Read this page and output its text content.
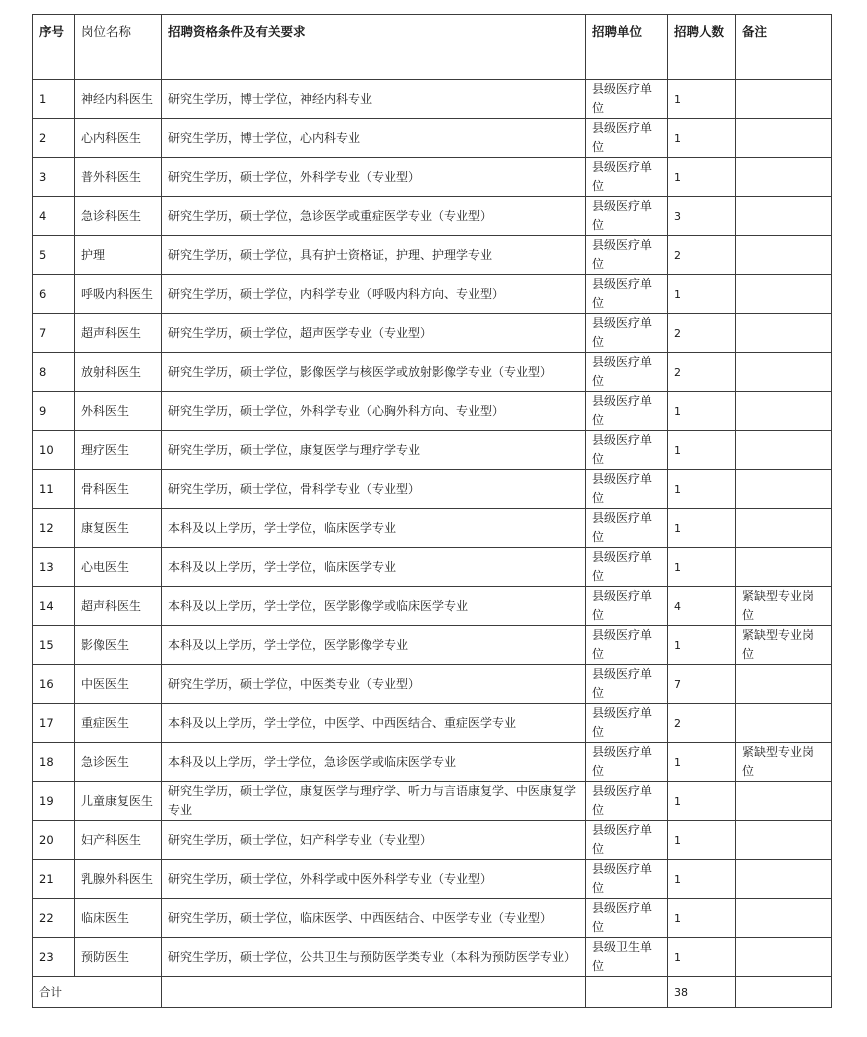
序号	岗位名称	招聘资格条件及有关要求	招聘单位	招聘人数	备注
1	神经内科医生	研究生学历，博士学位，神经内科专业	县级医疗单位	1	
2	心内科医生	研究生学历，博士学位，心内科专业	县级医疗单位	1	
3	普外科医生	研究生学历，硕士学位，外科学专业（专业型）	县级医疗单位	1	
4	急诊科医生	研究生学历，硕士学位，急诊医学或重症医学专业（专业型）	县级医疗单位	3	
5	护理	研究生学历，硕士学位，具有护士资格证，护理、护理学专业	县级医疗单位	2	
6	呼吸内科医生	研究生学历，硕士学位，内科学专业（呼吸内科方向、专业型）	县级医疗单位	1	
7	超声科医生	研究生学历，硕士学位，超声医学专业（专业型）	县级医疗单位	2	
8	放射科医生	研究生学历，硕士学位，影像医学与核医学或放射影像学专业（专业型）	县级医疗单位	2	
9	外科医生	研究生学历，硕士学位，外科学专业（心胸外科方向、专业型）	县级医疗单位	1	
10	理疗医生	研究生学历，硕士学位，康复医学与理疗学专业	县级医疗单位	1	
11	骨科医生	研究生学历，硕士学位，骨科学专业（专业型）	县级医疗单位	1	
12	康复医生	本科及以上学历，学士学位，临床医学专业	县级医疗单位	1	
13	心电医生	本科及以上学历，学士学位，临床医学专业	县级医疗单位	1	
14	超声科医生	本科及以上学历，学士学位，医学影像学或临床医学专业	县级医疗单位	4	紧缺型专业岗位
15	影像医生	本科及以上学历，学士学位，医学影像学专业	县级医疗单位	1	紧缺型专业岗位
16	中医医生	研究生学历，硕士学位，中医类专业（专业型）	县级医疗单位	7	
17	重症医生	本科及以上学历，学士学位，中医学、中西医结合、重症医学专业	县级医疗单位	2	
18	急诊医生	本科及以上学历，学士学位，急诊医学或临床医学专业	县级医疗单位	1	紧缺型专业岗位
19	儿童康复医生	研究生学历，硕士学位，康复医学与理疗学、听力与言语康复学、中医康复学专业	县级医疗单位	1	
20	妇产科医生	研究生学历，硕士学位，妇产科学专业（专业型）	县级医疗单位	1	
21	乳腺外科医生	研究生学历，硕士学位，外科学或中医外科学专业（专业型）	县级医疗单位	1	
22	临床医生	研究生学历，硕士学位，临床医学、中西医结合、中医学专业（专业型）	县级医疗单位	1	
23	预防医生	研究生学历，硕士学位，公共卫生与预防医学类专业（本科为预防医学专业）	县级卫生单位	1	
合计				38	
